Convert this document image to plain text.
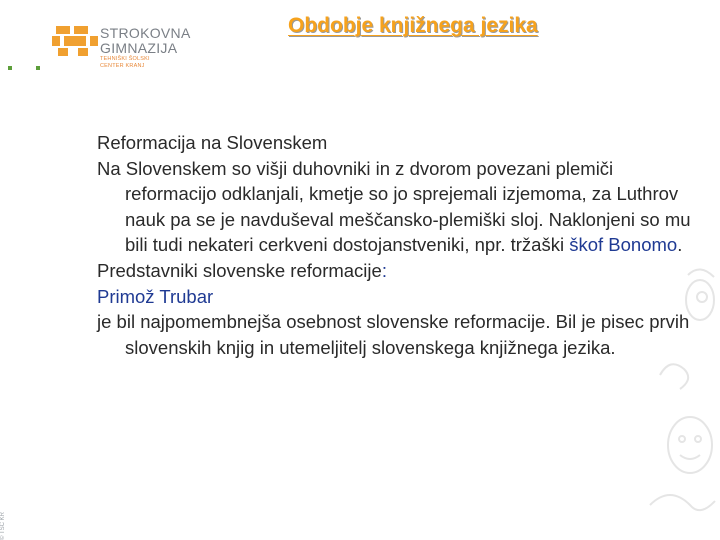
STROKOVNA
GIMNAZIJA
TEHNIŠKI ŠOLSKI
CENTER KRANJ
Obdobje knjižnega jezika
© TŠC KR

Reformacija na Slovenskem

Na Slovenskem so višji duhovniki in z dvorom povezani plemiči reformacijo odklanjali, kmetje so jo sprejemali izjemoma, za Luthrov nauk pa se je navduševal meščansko-plemiški sloj. Naklonjeni so mu bili tudi nekateri cerkveni dostojanstveniki, npr. tržaški škof Bonomo.

Predstavniki slovenske reformacije:

Primož Trubar

je bil najpomembnejša osebnost slovenske reformacije. Bil je pisec prvih slovenskih knjig in utemeljitelj slovenskega knjižnega jezika.
